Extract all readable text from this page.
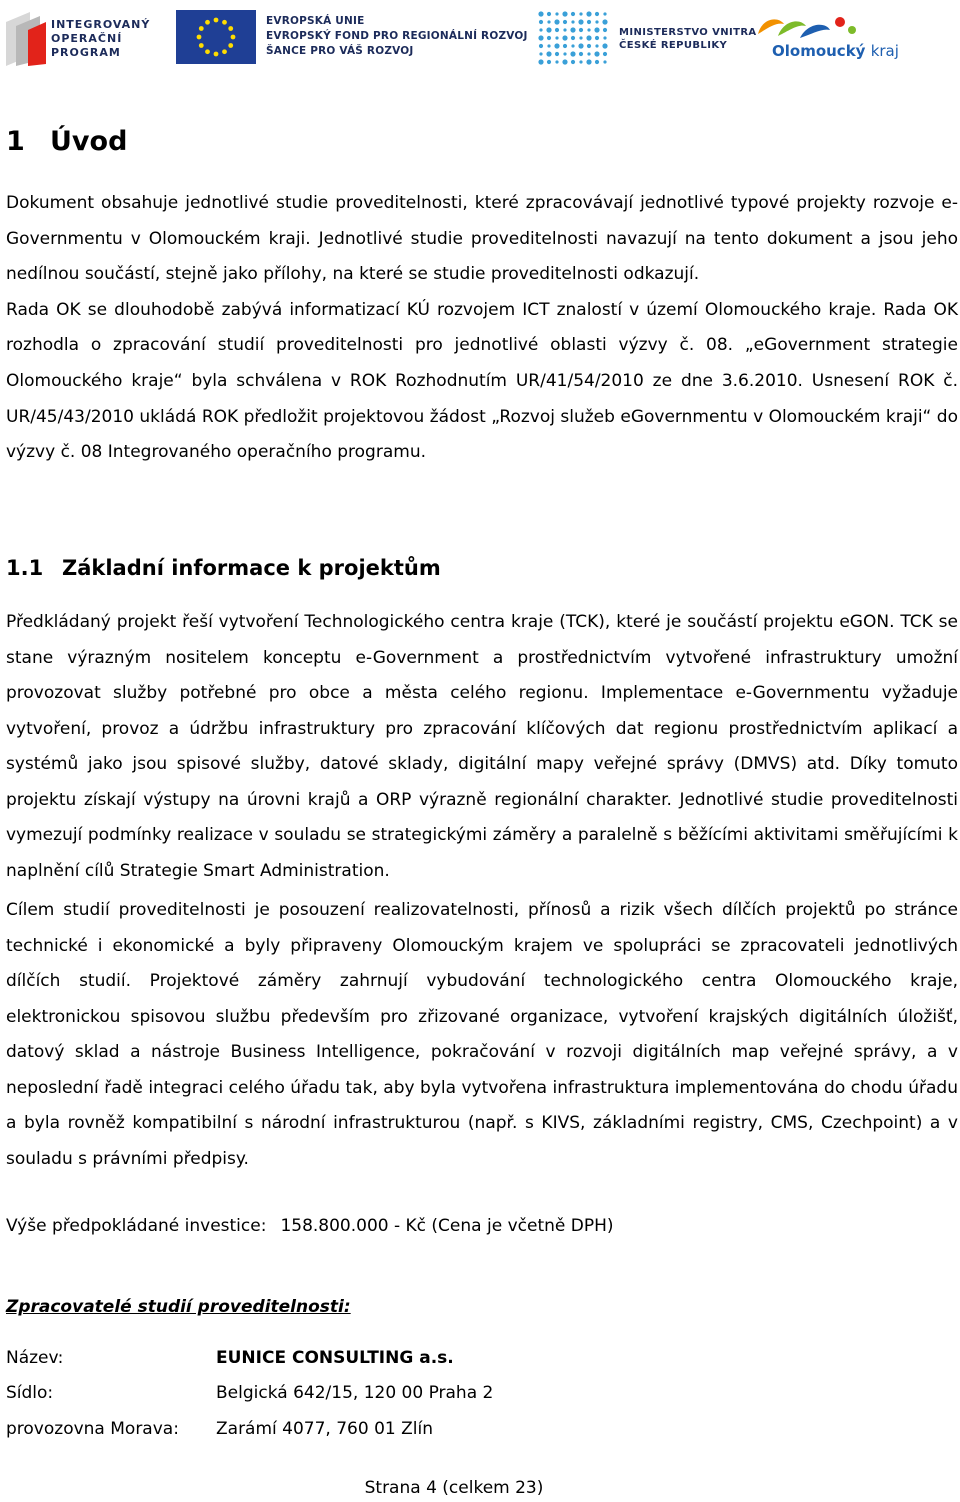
INTEGROVANÝ
OPERAČNÍ
PROGRAM
EVROPSKÁ UNIE
EVROPSKÝ FOND PRO REGIONÁLNÍ ROZVOJ
ŠANCE PRO VÁŠ ROZVOJ
MINISTERSTVO VNITRA
ČESKÉ REPUBLIKY	Olomoucký kraj
1 Úvod
Dokument obsahuje jednotlivé studie proveditelnosti, které zpracovávají jednotlivé typové projekty rozvoje e-Governmentu v Olomouckém kraji. Jednotlivé studie proveditelnosti navazují na tento dokument a jsou jeho nedílnou součástí, stejně jako přílohy, na které se studie proveditelnosti odkazují.
Rada OK se dlouhodobě zabývá informatizací KÚ rozvojem ICT znalostí v území Olomouckého kraje. Rada OK rozhodla o zpracování studií proveditelnosti pro jednotlivé oblasti výzvy č. 08. „eGovernment strategie Olomouckého kraje“ byla schválena v ROK Rozhodnutím UR/41/54/2010 ze dne 3.6.2010. Usnesení ROK č. UR/45/43/2010 ukládá ROK předložit projektovou žádost „Rozvoj služeb eGovernmentu v Olomouckém kraji“ do výzvy č. 08 Integrovaného operačního programu.
1.1 Základní informace k projektům
Předkládaný projekt řeší vytvoření Technologického centra kraje (TCK), které je součástí projektu eGON. TCK se stane výrazným nositelem konceptu e-Government a prostřednictvím vytvořené infrastruktury umožní provozovat služby potřebné pro obce a města celého regionu. Implementace e-Governmentu vyžaduje vytvoření, provoz a údržbu infrastruktury pro zpracování klíčových dat regionu prostřednictvím aplikací a systémů jako jsou spisové služby, datové sklady, digitální mapy veřejné správy (DMVS) atd. Díky tomuto projektu získají výstupy na úrovni krajů a ORP výrazně regionální charakter. Jednotlivé studie proveditelnosti vymezují podmínky realizace v souladu se strategickými záměry a paralelně s běžícími aktivitami směřujícími k naplnění cílů Strategie Smart Administration.
Cílem studií proveditelnosti je posouzení realizovatelnosti, přínosů a rizik všech dílčích projektů po stránce technické i ekonomické a byly připraveny Olomouckým krajem ve spolupráci se zpracovateli jednotlivých dílčích studií. Projektové záměry zahrnují vybudování technologického centra Olomouckého kraje, elektronickou spisovou službu především pro zřizované organizace, vytvoření krajských digitálních úložišť, datový sklad a nástroje Business Intelligence, pokračování v rozvoji digitálních map veřejné správy, a v neposlední řadě integraci celého úřadu tak, aby byla vytvořena infrastruktura implementována do chodu úřadu a byla rovněž kompatibilní s národní infrastrukturou (např. s KIVS, základními registry, CMS, Czechpoint) a v souladu s právními předpisy.
Výše předpokládané investice: 158.800.000 - Kč (Cena je včetně DPH)
Zpracovatelé studií proveditelnosti:
Název:	EUNICE CONSULTING a.s.
Sídlo:	Belgická 642/15, 120 00 Praha 2
provozovna Morava: Zarámí 4077, 760 01 Zlín
Strana 4 (celkem 23)
